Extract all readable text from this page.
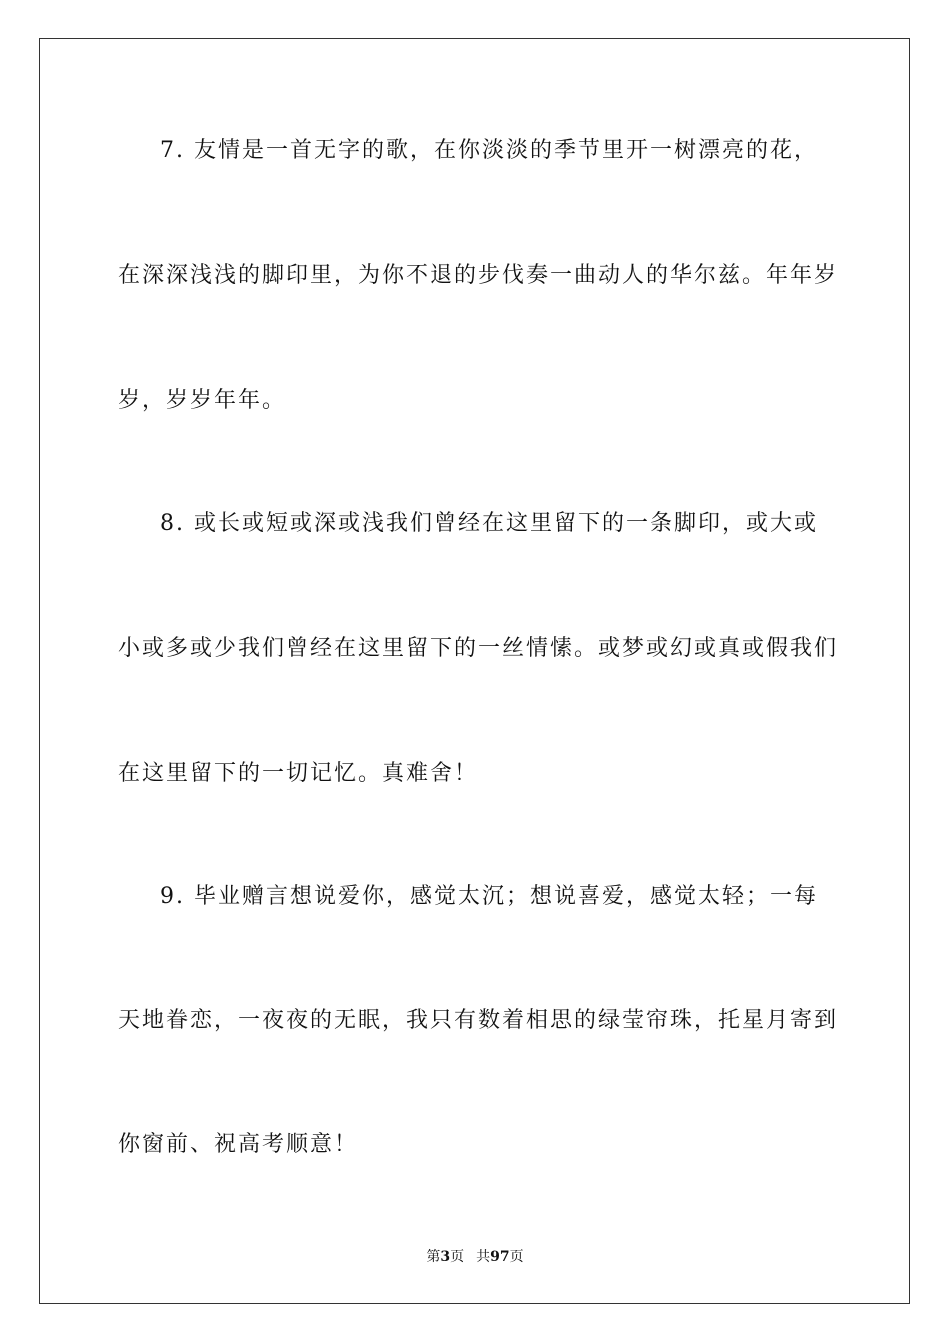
7. 友情是一首无字的歌，在你淡淡的季节里开一树漂亮的花，
在深深浅浅的脚印里，为你不退的步伐奏一曲动人的华尔兹。年年岁
岁，岁岁年年。
8. 或长或短或深或浅我们曾经在这里留下的一条脚印，或大或
小或多或少我们曾经在这里留下的一丝情愫。或梦或幻或真或假我们
在这里留下的一切记忆。真难舍！
9. 毕业赠言想说爱你，感觉太沉；想说喜爱，感觉太轻；一每
天地眷恋，一夜夜的无眠，我只有数着相思的绿莹帘珠，托星月寄到
你窗前、祝高考顺意！
第3页 共97页
